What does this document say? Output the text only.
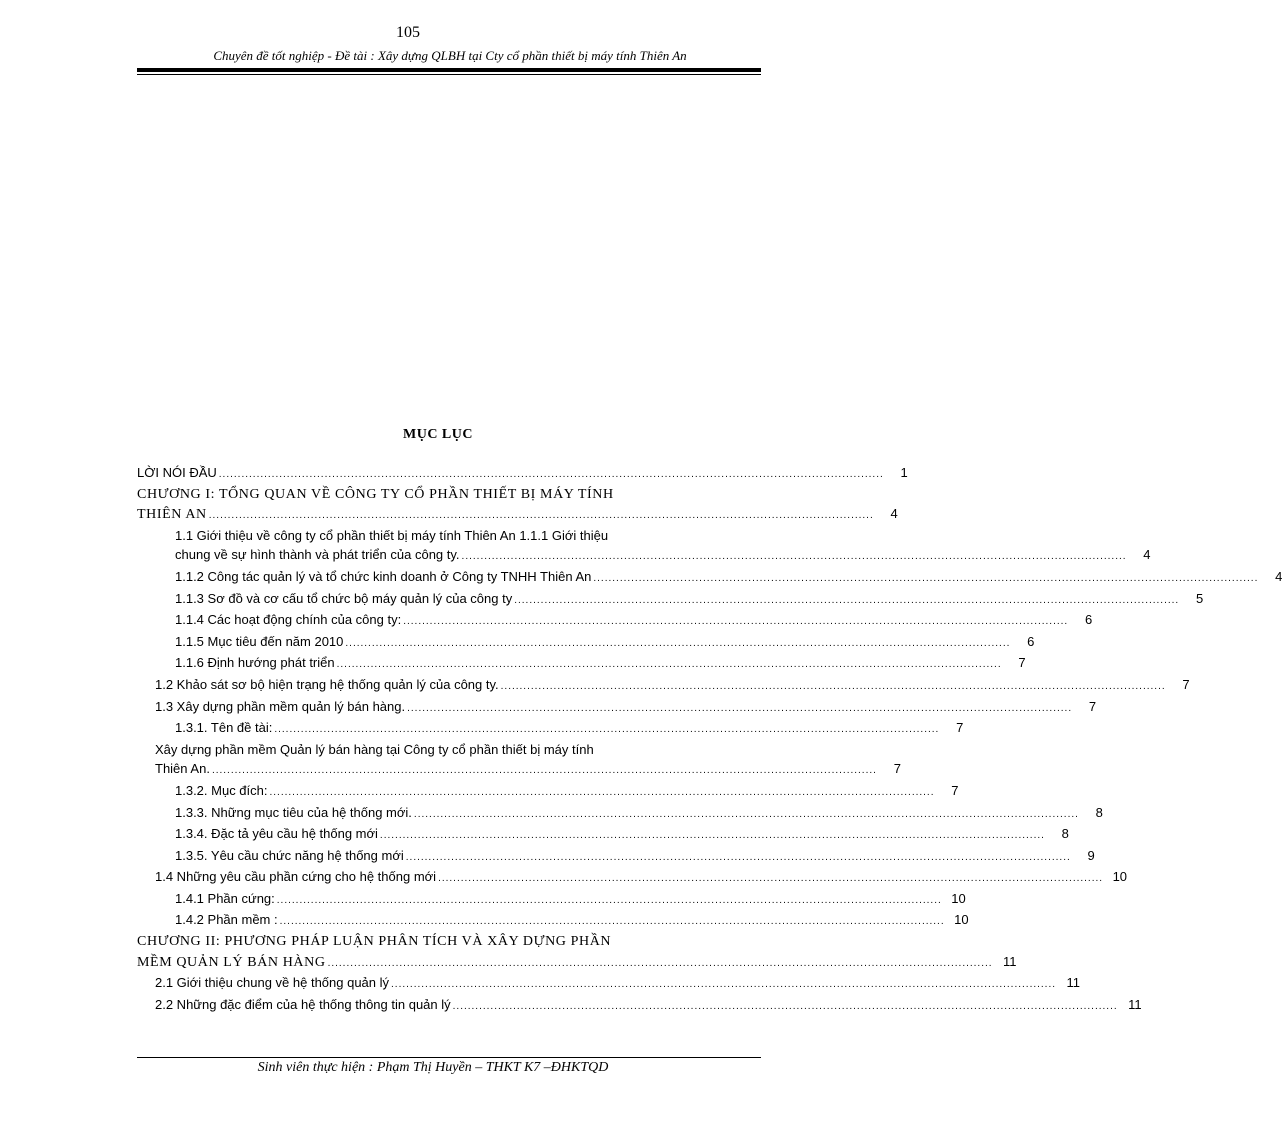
105
Chuyên đề tốt nghiệp - Đề tài : Xây dựng QLBH tại Cty cổ phần thiết bị máy tính Thiên An
MỤC LỤC
LỜI NÓI ĐẦU ................................................................................................................................................................................	1
CHƯƠNG I: TỔNG QUAN VỀ CÔNG TY CỔ PHẦN THIẾT BỊ MÁY TÍNH
THIÊN AN ................................................................................................................................................................................	4
1.1 Giới thiệu về công ty cổ phần thiết bị máy tính Thiên An 1.1.1 Giới thiệu
chung về sự hình thành và phát triển của công ty. ................................................................................................................................................................................	4
1.1.2 Công tác quản lý và tổ chức kinh doanh ở Công ty TNHH Thiên An ................................................................................................................................................................................	4
1.1.3 Sơ đồ và cơ cấu tổ chức bộ máy quản lý của công ty ................................................................................................................................................................................	5
1.1.4 Các hoạt động chính của công ty: ................................................................................................................................................................................	6
1.1.5 Mục tiêu đến năm 2010 ................................................................................................................................................................................	6
1.1.6 Định hướng phát triển ................................................................................................................................................................................	7
1.2 Khảo sát sơ bộ hiện trạng hệ thống quản lý của công ty. ................................................................................................................................................................................	7
1.3 Xây dựng phần mềm quản lý bán hàng. ................................................................................................................................................................................	7
1.3.1. Tên đề tài: ................................................................................................................................................................................	7
Xây dựng phần mềm Quản lý bán hàng tại Công ty cổ phần thiết bị máy tính
Thiên An. ................................................................................................................................................................................	7
1.3.2. Mục đích: ................................................................................................................................................................................	7
1.3.3. Những mục tiêu của hệ thống mới. ................................................................................................................................................................................	8
1.3.4. Đặc tả yêu cầu hệ thống mới ................................................................................................................................................................................	8
1.3.5. Yêu cầu chức năng hệ thống mới ................................................................................................................................................................................	9
1.4 Những yêu cầu phần cứng cho hệ thống mới ................................................................................................................................................................................ 10
1.4.1 Phần cứng: ................................................................................................................................................................................ 10
1.4.2 Phần mềm : ................................................................................................................................................................................ 10
CHƯƠNG II: PHƯƠNG PHÁP LUẬN PHÂN TÍCH VÀ XÂY DỰNG PHẦN
MỀM QUẢN LÝ BÁN HÀNG ................................................................................................................................................................................ 11
2.1 Giới thiệu chung về hệ thống quản lý ................................................................................................................................................................................ 11
2.2 Những đặc điểm của hệ thống thông tin quản lý ................................................................................................................................................................................ 11
Sinh viên thực hiện : Phạm Thị Huyền – THKT K7 –ĐHKTQD
